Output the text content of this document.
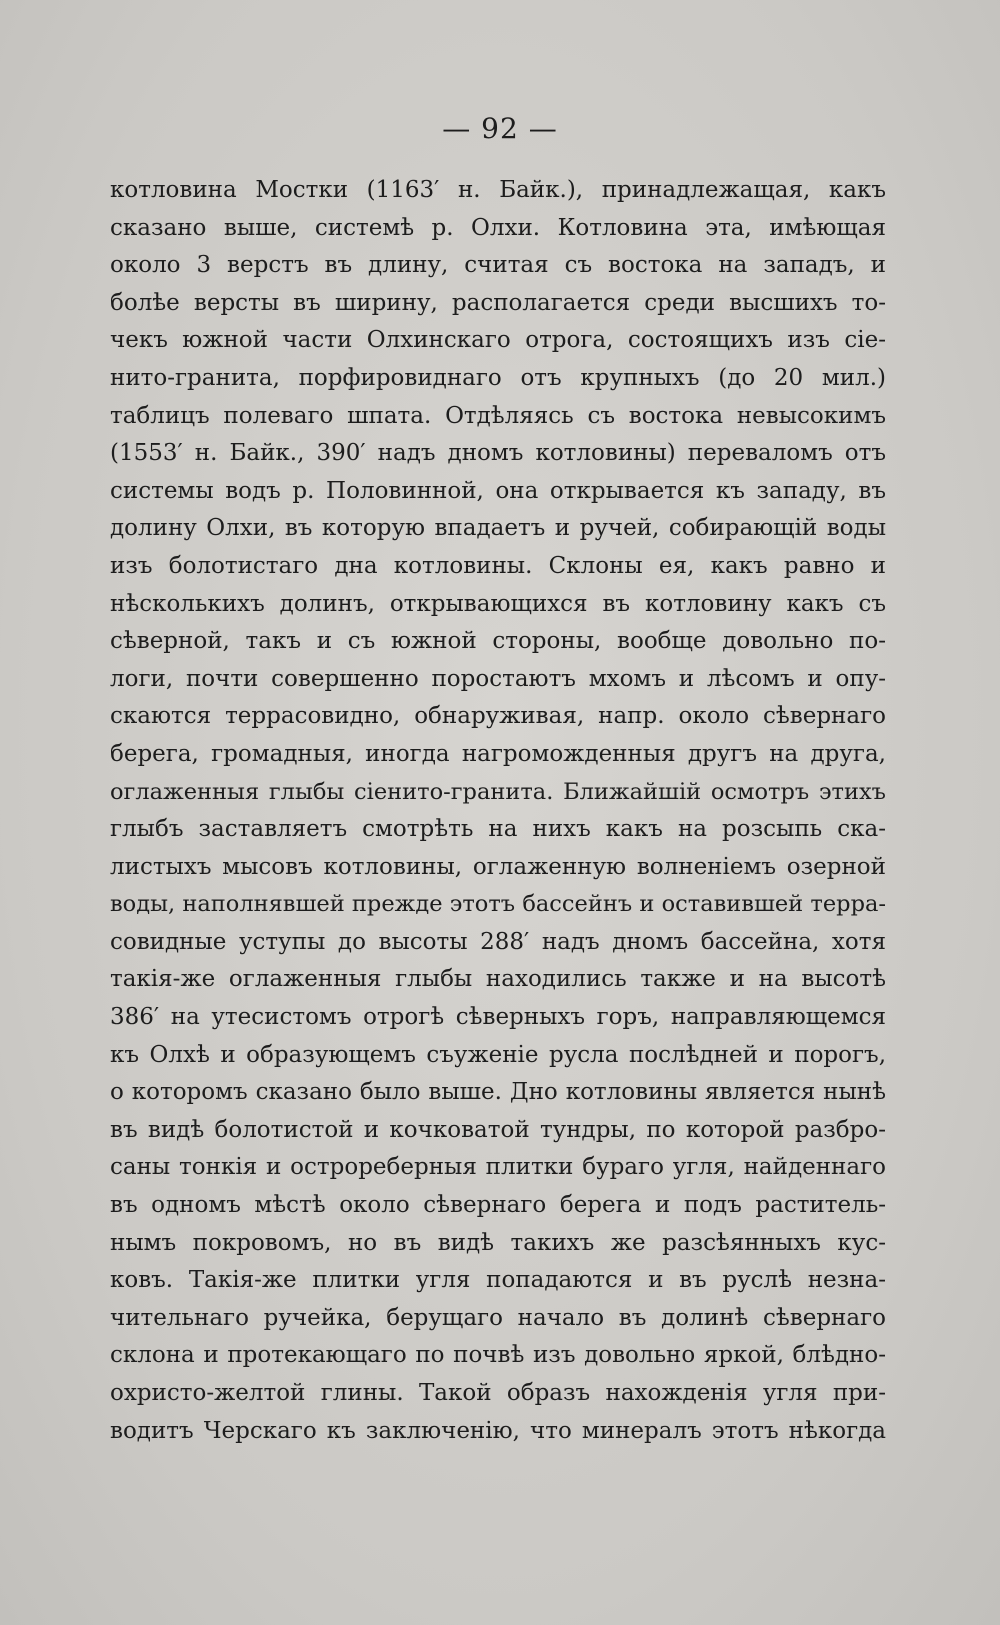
— 92 —
котловина Мостки (1163′ н. Байк.), принадлежащая, какъ
сказано выше, системѣ р. Олхи. Котловина эта, имѣющая
около 3 верстъ въ длину, считая съ востока на западъ, и
болѣе версты въ ширину, располагается среди высшихъ то-
чекъ южной части Олхинскаго отрога, состоящихъ изъ сіе-
нито-гранита, порфировиднаго отъ крупныхъ (до 20 мил.)
таблицъ полеваго шпата. Отдѣляясь съ востока невысокимъ
(1553′ н. Байк., 390′ надъ дномъ котловины) переваломъ отъ
системы водъ р. Половинной, она открывается къ западу, въ
долину Олхи, въ которую впадаетъ и ручей, собирающій воды
изъ болотистаго дна котловины. Склоны ея, какъ равно и
нѣсколькихъ долинъ, открывающихся въ котловину какъ съ
сѣверной, такъ и съ южной стороны, вообще довольно по-
логи, почти совершенно поростаютъ мхомъ и лѣсомъ и опу-
скаются террасовидно, обнаруживая, напр. около сѣвернаго
берега, громадныя, иногда нагроможденныя другъ на друга,
оглаженныя глыбы сіенито-гранита. Ближайшій осмотръ этихъ
глыбъ заставляетъ смотрѣть на нихъ какъ на розсыпь ска-
листыхъ мысовъ котловины, оглаженную волненіемъ озерной
воды, наполнявшей прежде этотъ бассейнъ и оставившей терра-
совидные уступы до высоты 288′ надъ дномъ бассейна, хотя
такія-же оглаженныя глыбы находились также и на высотѣ
386′ на утесистомъ отрогѣ сѣверныхъ горъ, направляющемся
къ Олхѣ и образующемъ съуженіе русла послѣдней и порогъ,
о которомъ сказано было выше. Дно котловины является нынѣ
въ видѣ болотистой и кочковатой тундры, по которой разбро-
саны тонкія и остроребeрныя плитки бураго угля, найденнаго
въ одномъ мѣстѣ около сѣвернаго берега и подъ раститель-
нымъ покровомъ, но въ видѣ такихъ же разсѣянныхъ кус-
ковъ. Такія-же плитки угля попадаются и въ руслѣ незна-
чительнаго ручейка, берущаго начало въ долинѣ сѣвернаго
склона и протекающаго по почвѣ изъ довольно яркой, блѣдно-
охристо-желтой глины. Такой образъ нахожденія угля при-
водитъ Черскаго къ заключенію, что минералъ этотъ нѣкогда
